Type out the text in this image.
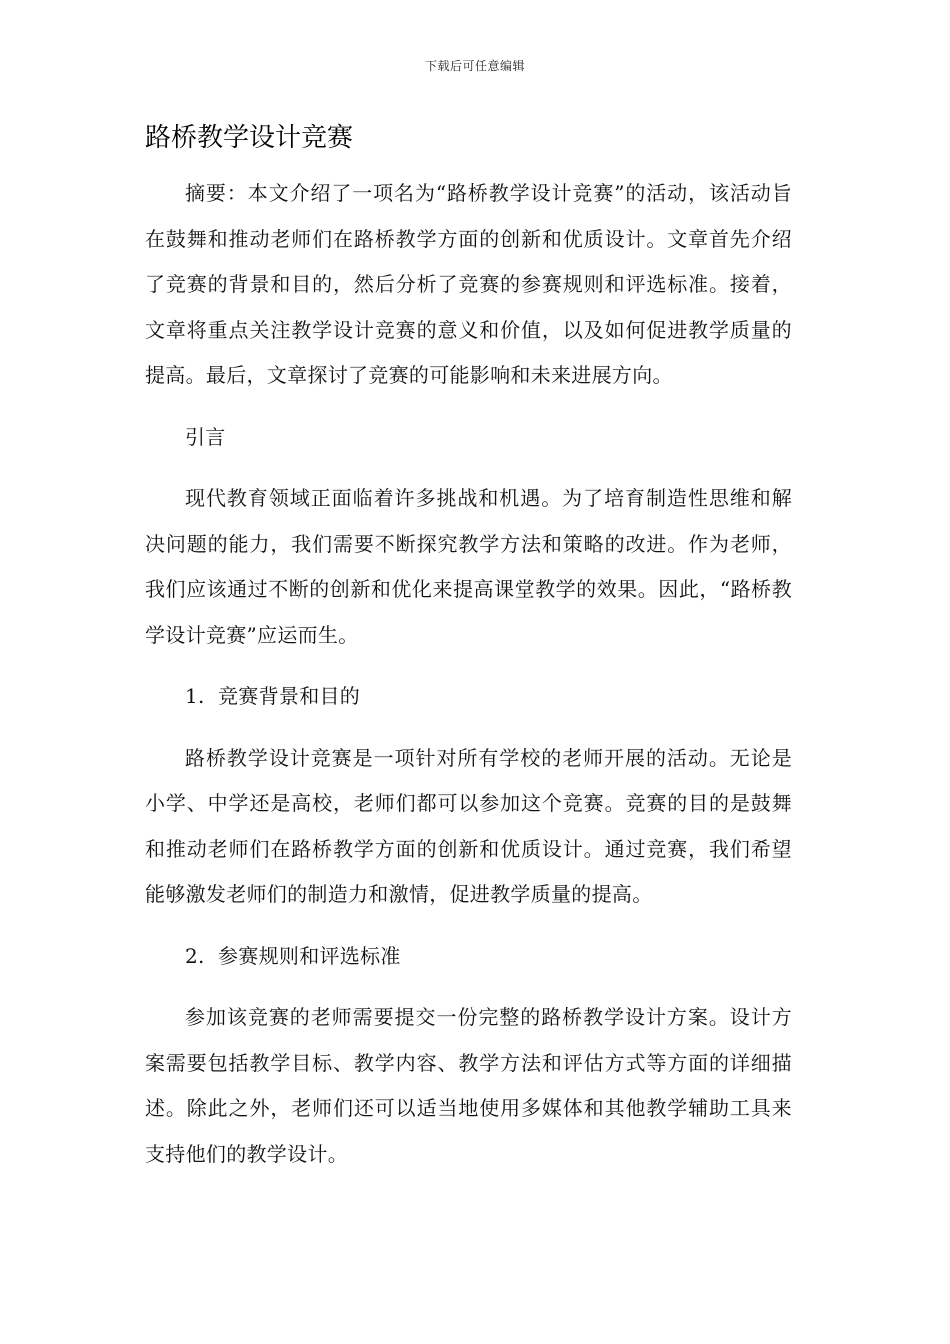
下载后可任意编辑
路桥教学设计竞赛

摘要：本文介绍了一项名为“路桥教学设计竞赛”的活动，该活动旨在鼓舞和推动老师们在路桥教学方面的创新和优质设计。文章首先介绍了竞赛的背景和目的，然后分析了竞赛的参赛规则和评选标准。接着，文章将重点关注教学设计竞赛的意义和价值，以及如何促进教学质量的提高。最后，文章探讨了竞赛的可能影响和未来进展方向。

引言

现代教育领域正面临着许多挑战和机遇。为了培育制造性思维和解决问题的能力，我们需要不断探究教学方法和策略的改进。作为老师，我们应该通过不断的创新和优化来提高课堂教学的效果。因此，“路桥教学设计竞赛”应运而生。

1.  竞赛背景和目的

路桥教学设计竞赛是一项针对所有学校的老师开展的活动。无论是小学、中学还是高校，老师们都可以参加这个竞赛。竞赛的目的是鼓舞和推动老师们在路桥教学方面的创新和优质设计。通过竞赛，我们希望能够激发老师们的制造力和激情，促进教学质量的提高。

2.  参赛规则和评选标准

参加该竞赛的老师需要提交一份完整的路桥教学设计方案。设计方案需要包括教学目标、教学内容、教学方法和评估方式等方面的详细描述。除此之外，老师们还可以适当地使用多媒体和其他教学辅助工具来支持他们的教学设计。
